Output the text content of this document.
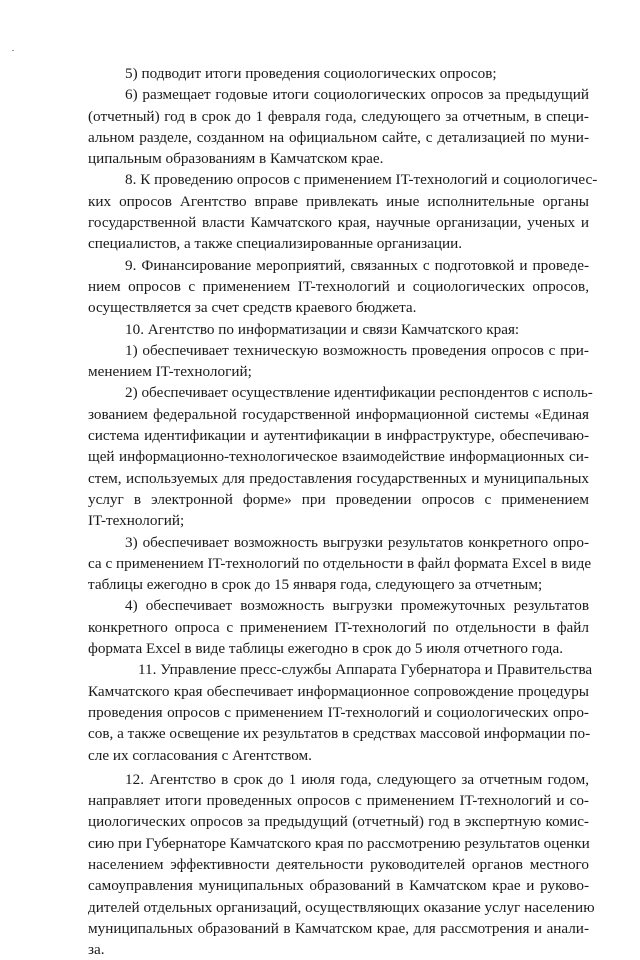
5) подводит итоги проведения социологических опросов;
6) размещает годовые итоги социологических опросов за предыдущий
(отчетный) год в срок до 1 февраля года, следующего за отчетным, в специ-
альном разделе, созданном на официальном сайте, с детализацией по муни-
ципальным образованиям в Камчатском крае.
8. К проведению опросов с применением IT-технологий и социологичес-
ких опросов Агентство вправе привлекать иные исполнительные органы
государственной власти Камчатского края, научные организации, ученых и
специалистов, а также специализированные организации.
9. Финансирование мероприятий, связанных с подготовкой и проведе-
нием опросов с применением IT-технологий и социологических опросов,
осуществляется за счет средств краевого бюджета.
10. Агентство по информатизации и связи Камчатского края:
1) обеспечивает техническую возможность проведения опросов с при-
менением IT-технологий;
2) обеспечивает осуществление идентификации респондентов с исполь-
зованием федеральной государственной информационной системы «Единая
система идентификации и аутентификации в инфраструктуре, обеспечиваю-
щей информационно-технологическое взаимодействие информационных си-
стем, используемых для предоставления государственных и муниципальных
услуг в электронной форме» при проведении опросов с применением
IT-технологий;
3) обеспечивает возможность выгрузки результатов конкретного опро-
са с применением IT-технологий по отдельности в файл формата Excel в виде
таблицы ежегодно в срок до 15 января года, следующего за отчетным;
4) обеспечивает возможность выгрузки промежуточных результатов
конкретного опроса с применением IT-технологий по отдельности в файл
формата Excel в виде таблицы ежегодно в срок до 5 июля отчетного года.
11. Управление пресс-службы Аппарата Губернатора и Правительства
Камчатского края обеспечивает информационное сопровождение процедуры
проведения опросов с применением IT-технологий и социологических опро-
сов, а также освещение их результатов в средствах массовой информации по-
сле их согласования с Агентством.
12. Агентство в срок до 1 июля года, следующего за отчетным годом,
направляет итоги проведенных опросов с применением IT-технологий и со-
циологических опросов за предыдущий (отчетный) год в экспертную комис-
сию при Губернаторе Камчатского края по рассмотрению результатов оценки
населением эффективности деятельности руководителей органов местного
самоуправления муниципальных образований в Камчатском крае и руково-
дителей отдельных организаций, осуществляющих оказание услуг населению
муниципальных образований в Камчатском крае, для рассмотрения и анали-
за.
